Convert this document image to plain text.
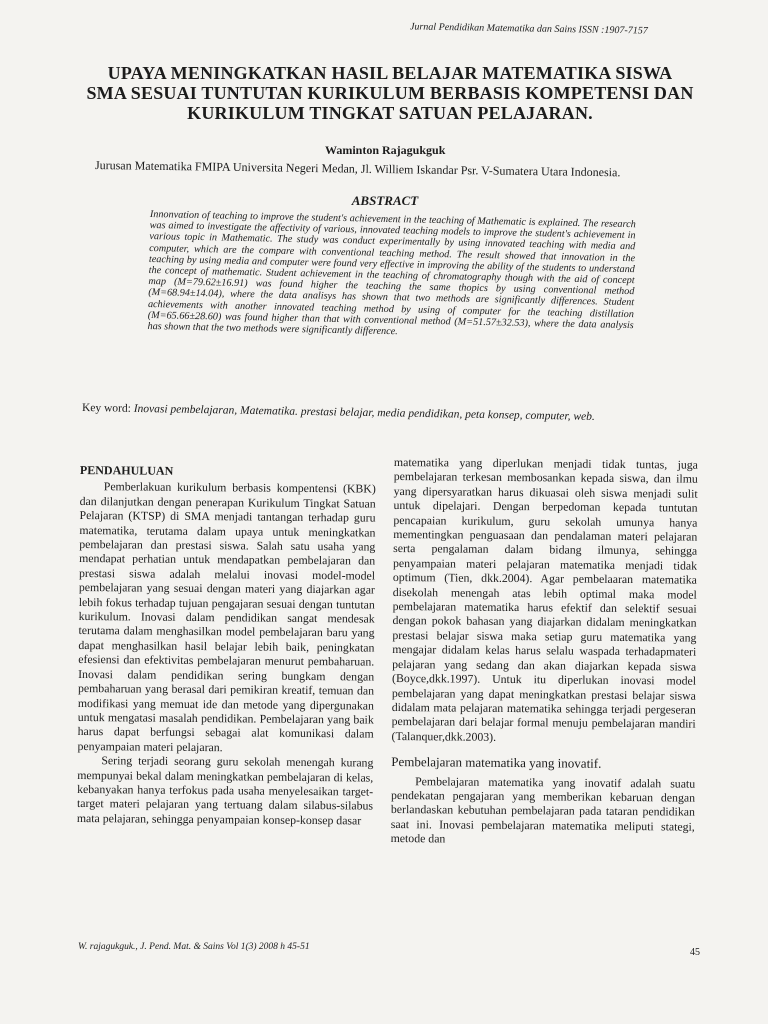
Jurnal Pendidikan Matematika dan Sains ISSN :1907-7157

UPAYA MENINGKATKAN HASIL BELAJAR MATEMATIKA SISWA

SMA SESUAI TUNTUTAN KURIKULUM BERBASIS KOMPETENSI DAN

KURIKULUM TINGKAT SATUAN PELAJARAN.

Waminton Rajagukguk
Jurusan Matematika FMIPA Universita Negeri Medan, Jl. Williem Iskandar Psr. V-Sumatera Utara Indonesia.
ABSTRACT
Innonvation of teaching to improve the student's achievement in the teaching of Mathematic is explained. The research was aimed to investigate the affectivity of various, innovated teaching models to improve the student's achievement in various topic in Mathematic. The study was conduct experimentally by using innovated teaching with media and computer, which are the compare with conventional teaching method. The result showed that innovation in the teaching by using media and computer were found very effective in improving the ability of the students to understand the concept of mathematic. Student achievement in the teaching of chromatography though with the aid of concept map (M=79.62±16.91) was found higher the teaching the same thopics by using conventional method (M=68.94±14.04), where the data analisys has shown that two methods are significantly differences. Student achievements with another innovated teaching method by using of computer for the teaching distillation (M=65.66±28.60) was found higher than that with conventional method (M=51.57±32.53), where the data analysis has shown that the two methods were significantly difference.
Key word: Inovasi pembelajaran, Matematika. prestasi belajar, media pendidikan, peta konsep, computer, web.
PENDAHULUAN

Pemberlakuan kurikulum berbasis kompentensi (KBK) dan dilanjutkan dengan penerapan Kurikulum Tingkat Satuan Pelajaran (KTSP) di SMA menjadi tantangan terhadap guru matematika, terutama dalam upaya untuk meningkatkan pembelajaran dan prestasi siswa. Salah satu usaha yang mendapat perhatian untuk mendapatkan pembelajaran dan prestasi siswa adalah melalui inovasi model-model pembelajaran yang sesuai dengan materi yang diajarkan agar lebih fokus terhadap tujuan pengajaran sesuai dengan tuntutan kurikulum. Inovasi dalam pendidikan sangat mendesak terutama dalam menghasilkan model pembelajaran baru yang dapat menghasilkan hasil belajar lebih baik, peningkatan efesiensi dan efektivitas pembelajaran menurut pembaharuan. Inovasi dalam pendidikan sering bungkam dengan pembaharuan yang berasal dari pemikiran kreatif, temuan dan modifikasi yang memuat ide dan metode yang dipergunakan untuk mengatasi masalah pendidikan. Pembelajaran yang baik harus dapat berfungsi sebagai alat komunikasi dalam penyampaian materi pelajaran.

Sering terjadi seorang guru sekolah menengah kurang mempunyai bekal dalam meningkatkan pembelajaran di kelas, kebanyakan hanya terfokus pada usaha menyelesaikan target-target materi pelajaran yang tertuang dalam silabus-silabus mata pelajaran, sehingga penyampaian konsep-konsep dasar

matematika yang diperlukan menjadi tidak tuntas, juga pembelajaran terkesan membosankan kepada siswa, dan ilmu yang dipersyaratkan harus dikuasai oleh siswa menjadi sulit untuk dipelajari. Dengan berpedoman kepada tuntutan pencapaian kurikulum, guru sekolah umunya hanya mementingkan penguasaan dan pendalaman materi pelajaran serta pengalaman dalam bidang ilmunya, sehingga penyampaian materi pelajaran matematika menjadi tidak optimum (Tien, dkk.2004). Agar pembelaaran matematika disekolah menengah atas lebih optimal maka model pembelajaran matematika harus efektif dan selektif sesuai dengan pokok bahasan yang diajarkan didalam meningkatkan prestasi belajar siswa maka setiap guru matematika yang mengajar didalam kelas harus selalu waspada terhadapmateri pelajaran yang sedang dan akan diajarkan kepada siswa (Boyce,dkk.1997). Untuk itu diperlukan inovasi model pembelajaran yang dapat meningkatkan prestasi belajar siswa didalam mata pelajaran matematika sehingga terjadi pergeseran pembelajaran dari belajar formal menuju pembelajaran mandiri (Talanquer,dkk.2003).

Pembelajaran matematika yang inovatif.

Pembelajaran matematika yang inovatif adalah suatu pendekatan pengajaran yang memberikan kebaruan dengan berlandaskan kebutuhan pembelajaran pada tataran pendidikan saat ini. Inovasi pembelajaran matematika meliputi stategi, metode dan

W. rajagukguk., J. Pend. Mat. & Sains Vol 1(3) 2008 h 45-51	45
